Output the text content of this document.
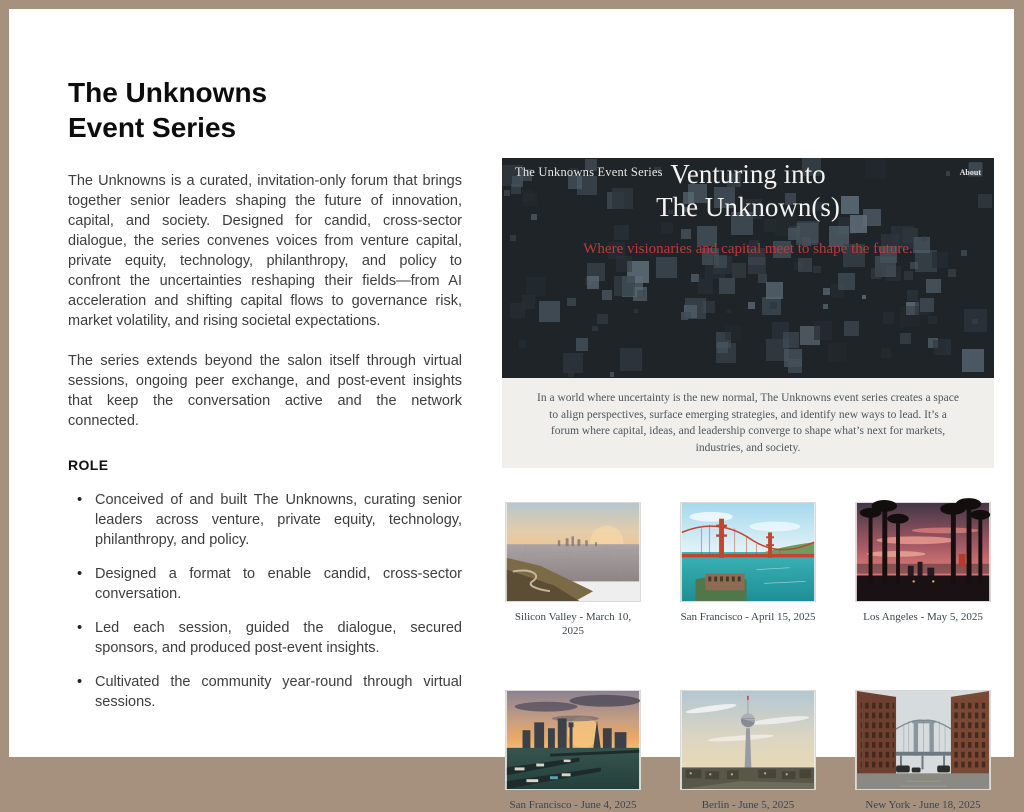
The Unknowns
Event Series

The Unknowns is a curated, invitation-only forum that brings together senior leaders shaping the future of innovation, capital, and society. Designed for candid, cross-sector dialogue, the series convenes voices from venture capital, private equity, technology, philanthropy, and policy to confront the uncertainties reshaping their fields—from AI acceleration and shifting capital flows to governance risk, market volatility, and rising societal expectations.

The series extends beyond the salon itself through virtual sessions, ongoing peer exchange, and post-event insights that keep the conversation active and the network connected.

ROLE
• Conceived of and built The Unknowns, curating senior leaders across venture, private equity, technology, philanthropy, and policy.
• Designed a format to enable candid, cross-sector conversation.
• Led each session, guided the dialogue, secured sponsors, and produced post-event insights.
• Cultivated the community year-round through virtual sessions.
The Unknowns Event Series	About
Venturing into
The Unknown(s)
Where visionaries and capital meet to shape the future.

In a world where uncertainty is the new normal, The Unknowns event series creates a space to align perspectives, surface emerging strategies, and identify new ways to lead. It’s a forum where capital, ideas, and leadership converge to shape what’s next for markets, industries, and society.

Silicon Valley - March 10, 2025
San Francisco - April 15, 2025	Los Angeles - May 5, 2025
San Francisco - June 4, 2025	Berlin - June 5, 2025	New York - June 18, 2025
